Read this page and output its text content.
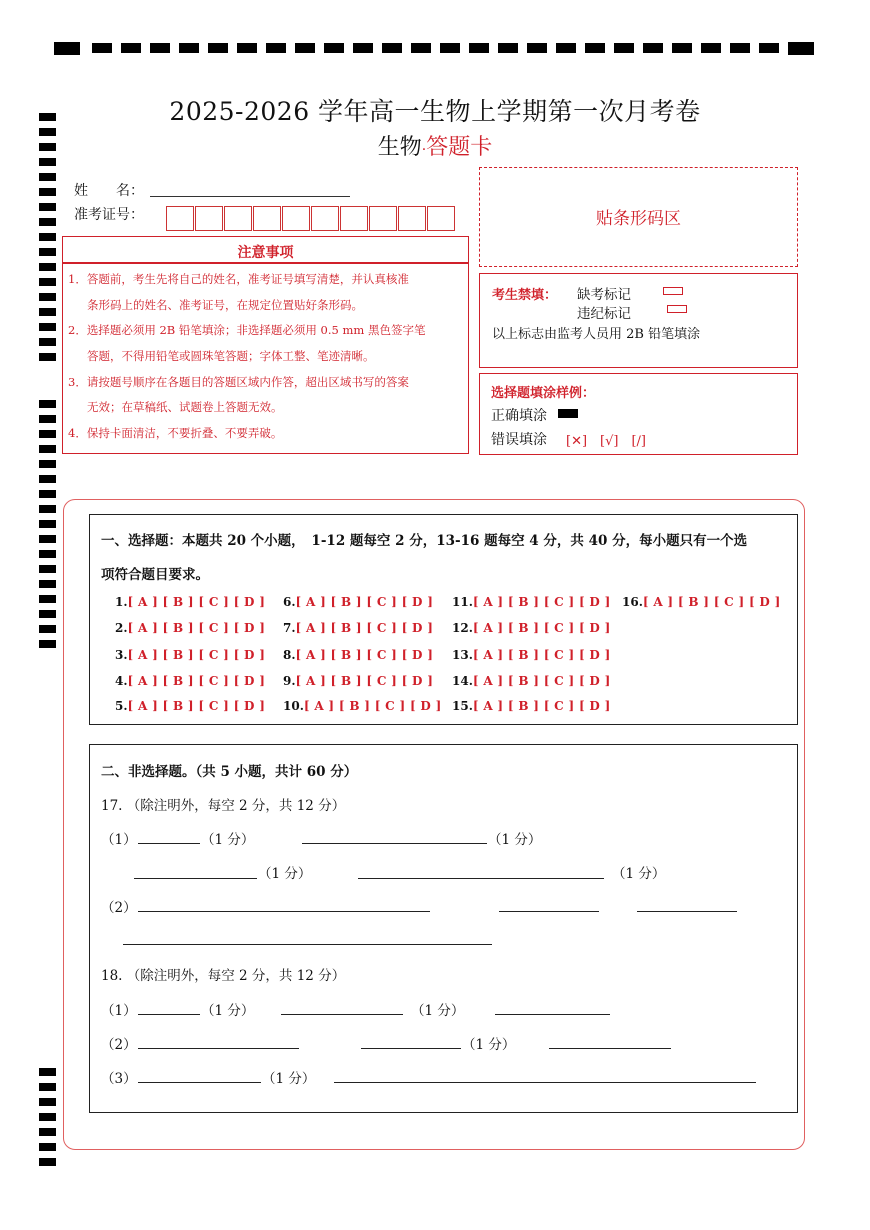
2025-2026 学年高一生物上学期第一次月考卷
生物·答题卡
姓　　名：
准考证号：	贴条形码区
注意事项
1．答题前，考生先将自己的姓名，准考证号填写清楚，并认真核准
条形码上的姓名、准考证号，在规定位置贴好条形码。
2．选择题必须用 2B 铅笔填涂；非选择题必须用 0.5 mm 黑色签字笔
答题，不得用铅笔或圆珠笔答题；字体工整、笔迹清晰。
3．请按题号顺序在各题目的答题区域内作答，超出区域书写的答案
无效；在草稿纸、试题卷上答题无效。
4．保持卡面清洁，不要折叠、不要弄破。
考生禁填： 缺考标记
违纪标记
以上标志由监考人员用 2B 铅笔填涂
选择题填涂样例：
正确填涂
错误填涂 [✕]　[√]　[/]
一、选择题：本题共 20 个小题，　1-12 题每空 2 分，13-16 题每空 4 分，共 40 分，每小题只有一个选
项符合题目要求。
1.[ A ] [ B ] [ C ] [ D ]
2.[ A ] [ B ] [ C ] [ D ]
3.[ A ] [ B ] [ C ] [ D ]
4.[ A ] [ B ] [ C ] [ D ]
5.[ A ] [ B ] [ C ] [ D ]
6.[ A ] [ B ] [ C ] [ D ]
7.[ A ] [ B ] [ C ] [ D ]
8.[ A ] [ B ] [ C ] [ D ]
9.[ A ] [ B ] [ C ] [ D ]
10.[ A ] [ B ] [ C ] [ D ]
11.[ A ] [ B ] [ C ] [ D ]
12.[ A ] [ B ] [ C ] [ D ]
13.[ A ] [ B ] [ C ] [ D ]
14.[ A ] [ B ] [ C ] [ D ]
15.[ A ] [ B ] [ C ] [ D ]
16.[ A ] [ B ] [ C ] [ D ]
二、非选择题。（共 5 小题，共计 60 分）
17. （除注明外，每空 2 分，共 12 分）
（1）	（1 分）	（1 分）
（1 分）	（1 分）
（2）
18. （除注明外，每空 2 分，共 12 分）
（1）	（1 分）	（1 分）
（2）	（1 分）
（3）	（1 分）
